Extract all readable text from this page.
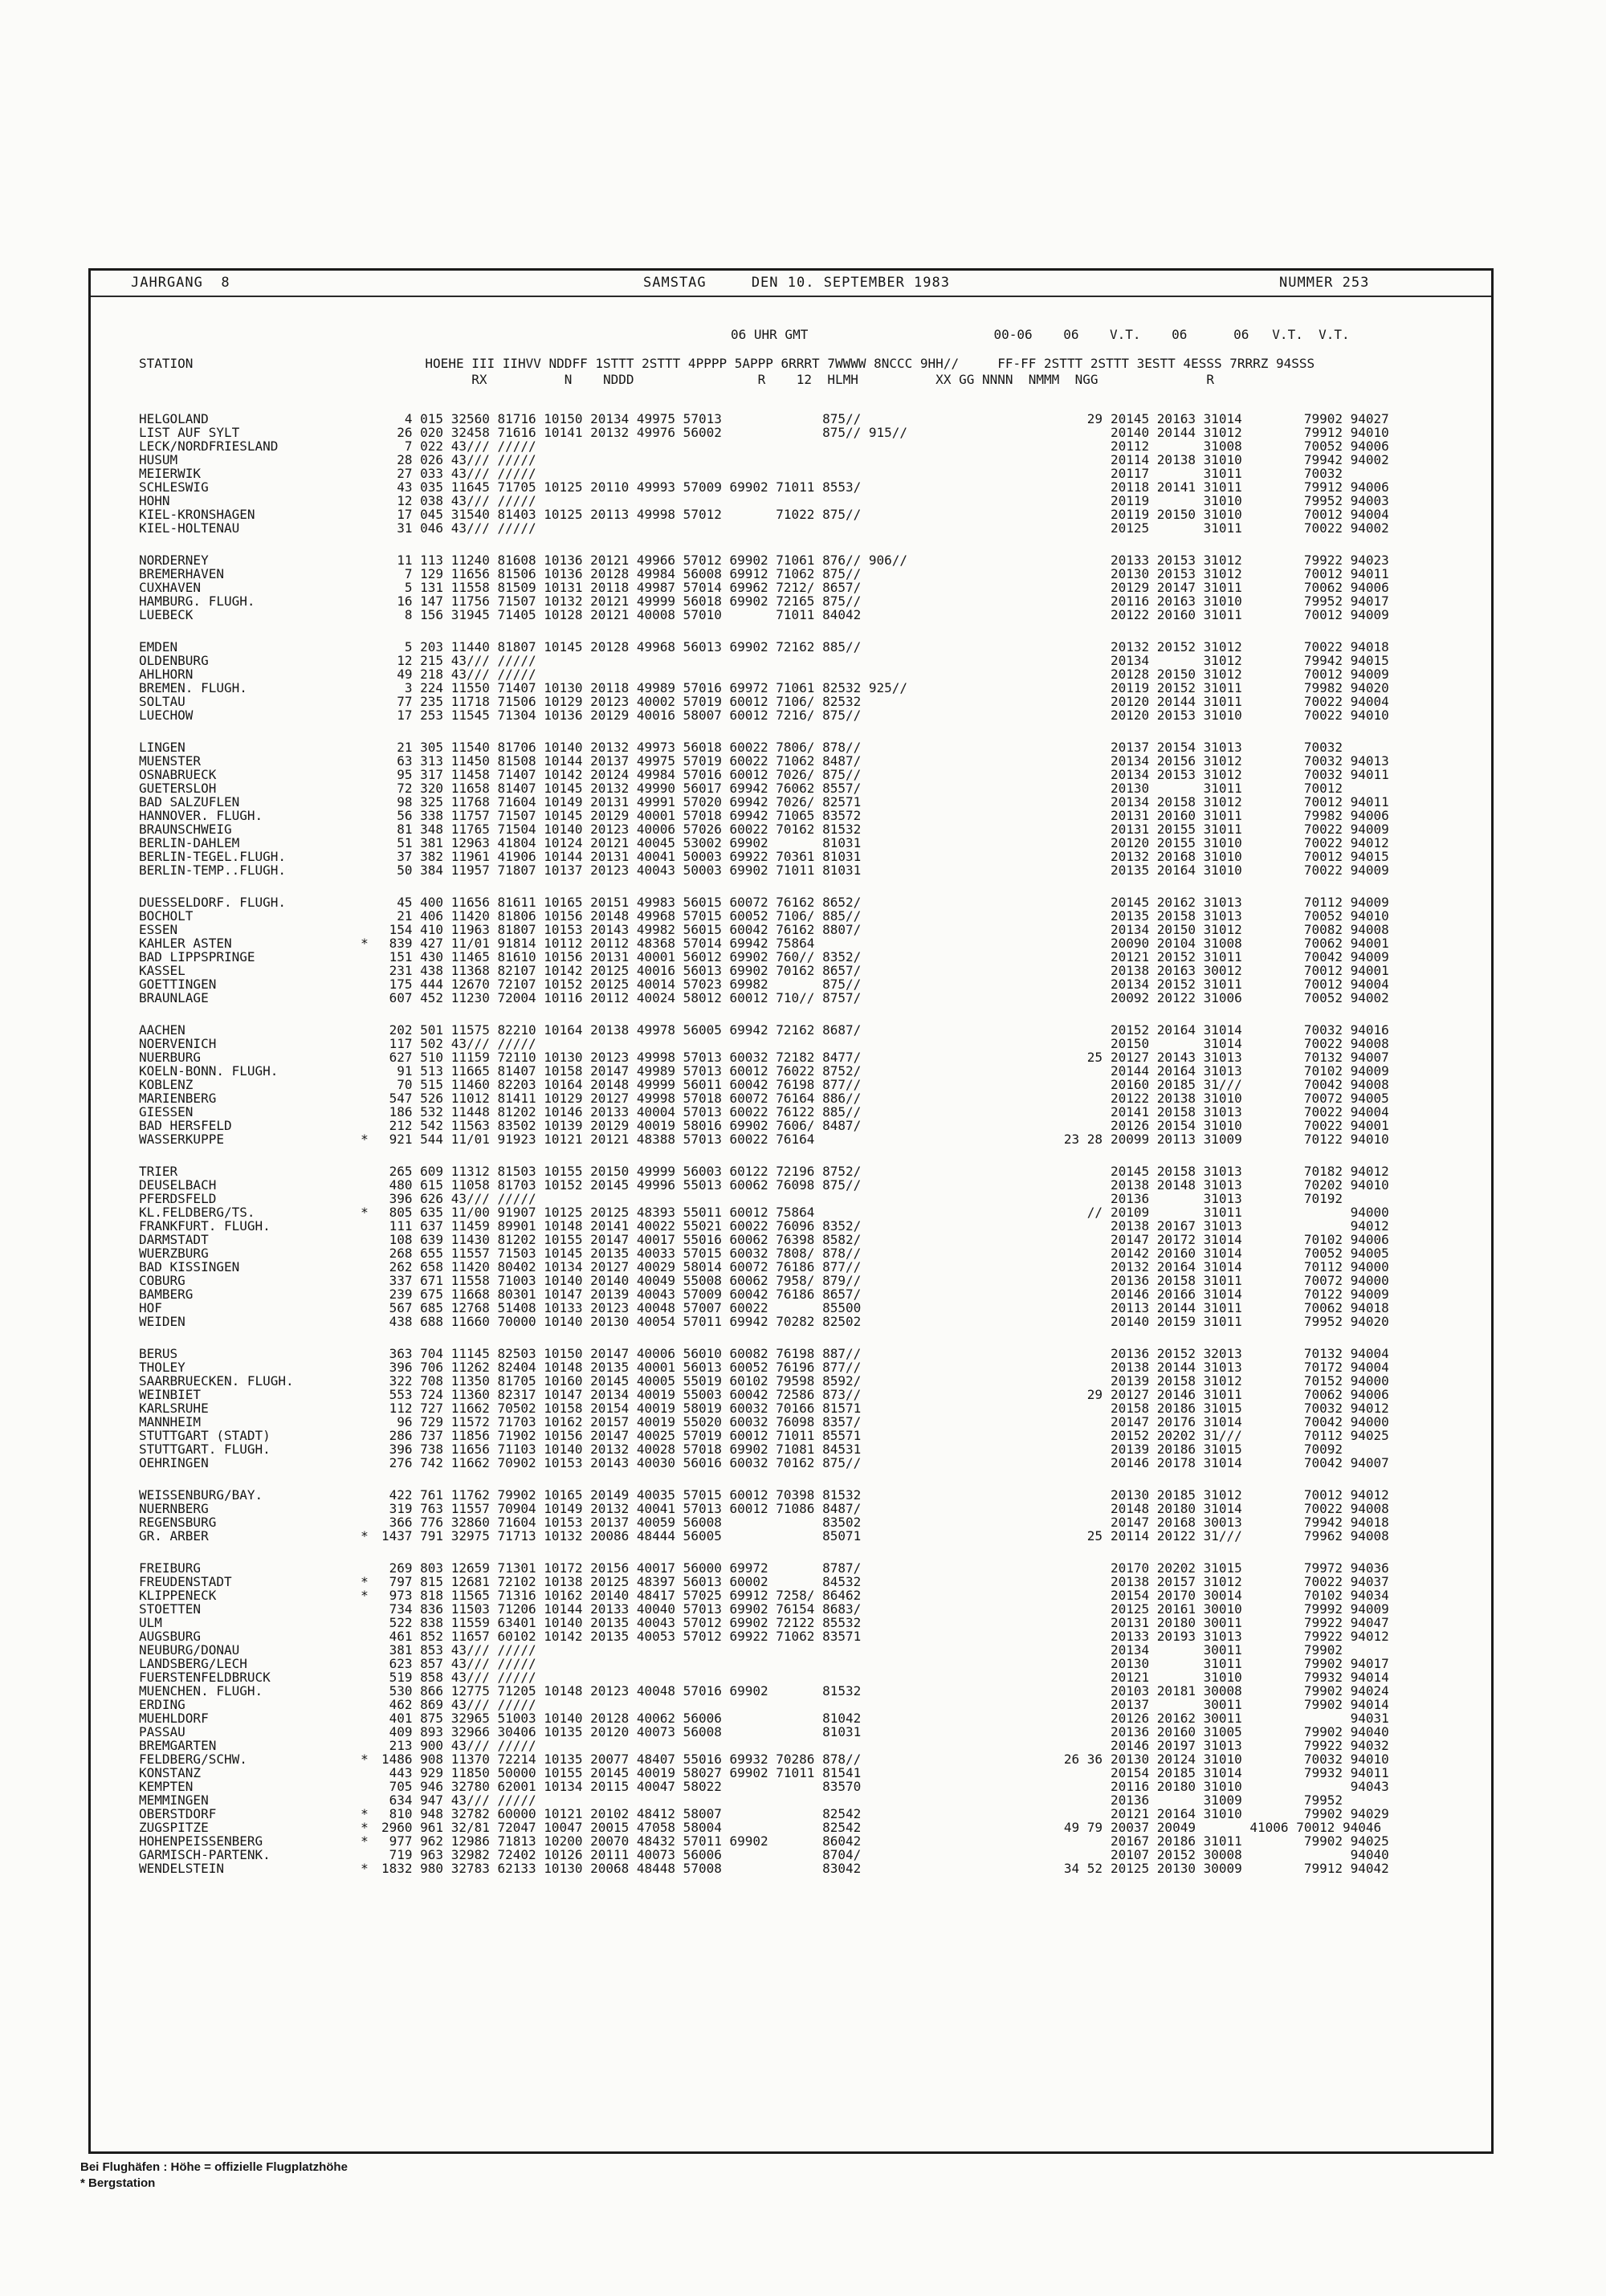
JAHRGANG  8

	SAMSTAG     DEN 10. SEPTEMBER 1983

	NUMMER 253

06 UHR GMT                        00-06    06    V.T.    06      06   V.T.  V.T.

STATION                              HOEHE III IIHVV NDDFF 1STTT 2STTT 4PPPP 5APPP 6RRRT 7WWWW 8NCCC 9HH//     FF-FF 2STTT 2STTT 3ESTT 4ESSS 7RRRZ 94SSS

RX          N    NDDD                R    12  HLMH          XX GG NNNN  NMMM  NGG              R

HELGOLAND	4 015 32560 81716 10150 20134 49975 57013             875//	29 20145 20163 31014        79902 94027
LIST AUF SYLT	26 020 32458 71616 10141 20132 49976 56002             875// 915//	20140 20144 31012        79912 94010
LECK/NORDFRIESLAND	7 022 43/// /////	20112       31008        70052 94006
HUSUM	28 026 43/// /////	20114 20138 31010        79942 94002
MEIERWIK	27 033 43/// /////	20117       31011        70032
SCHLESWIG	43 035 11645 71705 10125 20110 49993 57009 69902 71011 8553/	20118 20141 31011        79912 94006
HOHN	12 038 43/// /////	20119       31010        79952 94003
KIEL-KRONSHAGEN	17 045 31540 81403 10125 20113 49998 57012       71022 875//	20119 20150 31010        70012 94004
KIEL-HOLTENAU	31 046 43/// /////	20125       31011        70022 94002
NORDERNEY	11 113 11240 81608 10136 20121 49966 57012 69902 71061 876// 906//	20133 20153 31012        79922 94023
BREMERHAVEN	7 129 11656 81506 10136 20128 49984 56008 69912 71062 875//	20130 20153 31012        70012 94011
CUXHAVEN	5 131 11558 81509 10131 20118 49987 57014 69962 7212/ 8657/	20129 20147 31011        70062 94006
HAMBURG. FLUGH.	16 147 11756 71507 10132 20121 49999 56018 69902 72165 875//	20116 20163 31010        79952 94017
LUEBECK	8 156 31945 71405 10128 20121 40008 57010       71011 84042	20122 20160 31011        70012 94009
EMDEN	5 203 11440 81807 10145 20128 49968 56013 69902 72162 885//	20132 20152 31012        70022 94018
OLDENBURG	12 215 43/// /////	20134       31012        79942 94015
AHLHORN	49 218 43/// /////	20128 20150 31012        70012 94009
BREMEN. FLUGH.	3 224 11550 71407 10130 20118 49989 57016 69972 71061 82532 925//	20119 20152 31011        79982 94020
SOLTAU	77 235 11718 71506 10129 20123 40002 57019 60012 7106/ 82532	20120 20144 31011        70022 94004
LUECHOW	17 253 11545 71304 10136 20129 40016 58007 60012 7216/ 875//	20120 20153 31010        70022 94010
LINGEN	21 305 11540 81706 10140 20132 49973 56018 60022 7806/ 878//	20137 20154 31013        70032
MUENSTER	63 313 11450 81508 10144 20137 49975 57019 60022 71062 8487/	20134 20156 31012        70032 94013
OSNABRUECK	95 317 11458 71407 10142 20124 49984 57016 60012 7026/ 875//	20134 20153 31012        70032 94011
GUETERSLOH	72 320 11658 81407 10145 20132 49990 56017 69942 76062 8557/	20130       31011        70012
BAD SALZUFLEN	98 325 11768 71604 10149 20131 49991 57020 69942 7026/ 82571	20134 20158 31012        70012 94011
HANNOVER. FLUGH.	56 338 11757 71507 10145 20129 40001 57018 69942 71065 83572	20131 20160 31011        79982 94006
BRAUNSCHWEIG	81 348 11765 71504 10140 20123 40006 57026 60022 70162 81532	20131 20155 31011        70022 94009
BERLIN-DAHLEM	51 381 12963 41804 10124 20121 40045 53002 69902       81031	20120 20155 31010        70022 94012
BERLIN-TEGEL.FLUGH.	37 382 11961 41906 10144 20131 40041 50003 69922 70361 81031	20132 20168 31010        70012 94015
BERLIN-TEMP..FLUGH.	50 384 11957 71807 10137 20123 40043 50003 69902 71011 81031	20135 20164 31010        70022 94009
DUESSELDORF. FLUGH.	45 400 11656 81611 10165 20151 49983 56015 60072 76162 8652/	20145 20162 31013        70112 94009
BOCHOLT	21 406 11420 81806 10156 20148 49968 57015 60052 7106/ 885//	20135 20158 31013        70052 94010
ESSEN	154 410 11963 81807 10153 20143 49982 56015 60042 76162 8807/	20134 20150 31012        70082 94008
KAHLER ASTEN	* 839 427 11/01 91814 10112 20112 48368 57014 69942 75864	20090 20104 31008        70062 94001
BAD LIPPSPRINGE	151 430 11465 81610 10156 20131 40001 56012 69902 760// 8352/	20121 20152 31011        70042 94009
KASSEL	231 438 11368 82107 10142 20125 40016 56013 69902 70162 8657/	20138 20163 30012        70012 94001
GOETTINGEN	175 444 12670 72107 10152 20125 40014 57023 69982       875//	20134 20152 31011        70012 94004
BRAUNLAGE	607 452 11230 72004 10116 20112 40024 58012 60012 710// 8757/	20092 20122 31006        70052 94002
AACHEN	202 501 11575 82210 10164 20138 49978 56005 69942 72162 8687/	20152 20164 31014        70032 94016
NOERVENICH	117 502 43/// /////	20150       31014        70022 94008
NUERBURG	627 510 11159 72110 10130 20123 49998 57013 60032 72182 8477/	25 20127 20143 31013        70132 94007
KOELN-BONN. FLUGH.	91 513 11665 81407 10158 20147 49989 57013 60012 76022 8752/	20144 20164 31013        70102 94009
KOBLENZ	70 515 11460 82203 10164 20148 49999 56011 60042 76198 877//	20160 20185 31///        70042 94008
MARIENBERG	547 526 11012 81411 10129 20127 49998 57018 60072 76164 886//	20122 20138 31010        70072 94005
GIESSEN	186 532 11448 81202 10146 20133 40004 57013 60022 76122 885//	20141 20158 31013        70022 94004
BAD HERSFELD	212 542 11563 83502 10139 20129 40019 58016 69902 7606/ 8487/	20126 20154 31010        70022 94001
WASSERKUPPE	* 921 544 11/01 91923 10121 20121 48388 57013 60022 76164	23 28 20099 20113 31009        70122 94010
TRIER	265 609 11312 81503 10155 20150 49999 56003 60122 72196 8752/	20145 20158 31013        70182 94012
DEUSELBACH	480 615 11058 81703 10152 20145 49996 55013 60062 76098 875//	20138 20148 31013        70202 94010
PFERDSFELD	396 626 43/// /////	20136       31013        70192
KL.FELDBERG/TS.	* 805 635 11/00 91907 10125 20125 48393 55011 60012 75864	// 20109       31011              94000
FRANKFURT. FLUGH.	111 637 11459 89901 10148 20141 40022 55021 60022 76096 8352/	20138 20167 31013              94012
DARMSTADT	108 639 11430 81202 10155 20147 40017 55016 60062 76398 8582/	20147 20172 31014        70102 94006
WUERZBURG	268 655 11557 71503 10145 20135 40033 57015 60032 7808/ 878//	20142 20160 31014        70052 94005
BAD KISSINGEN	262 658 11420 80402 10134 20127 40029 58014 60072 76186 877//	20132 20164 31014        70112 94000
COBURG	337 671 11558 71003 10140 20140 40049 55008 60062 7958/ 879//	20136 20158 31011        70072 94000
BAMBERG	239 675 11668 80301 10147 20139 40043 57009 60042 76186 8657/	20146 20166 31014        70122 94009
HOF	567 685 12768 51408 10133 20123 40048 57007 60022       85500	20113 20144 31011        70062 94018
WEIDEN	438 688 11660 70000 10140 20130 40054 57011 69942 70282 82502	20140 20159 31011        79952 94020
BERUS	363 704 11145 82503 10150 20147 40006 56010 60082 76198 887//	20136 20152 32013        70132 94004
THOLEY	396 706 11262 82404 10148 20135 40001 56013 60052 76196 877//	20138 20144 31013        70172 94004
SAARBRUECKEN. FLUGH.	322 708 11350 81705 10160 20145 40005 55019 60102 79598 8592/	20139 20158 31012        70152 94000
WEINBIET	553 724 11360 82317 10147 20134 40019 55003 60042 72586 873//	29 20127 20146 31011        70062 94006
KARLSRUHE	112 727 11662 70502 10158 20154 40019 58019 60032 70166 81571	20158 20186 31015        70032 94012
MANNHEIM	96 729 11572 71703 10162 20157 40019 55020 60032 76098 8357/	20147 20176 31014        70042 94000
STUTTGART (STADT)	286 737 11856 71902 10156 20147 40025 57019 60012 71011 85571	20152 20202 31///        70112 94025
STUTTGART. FLUGH.	396 738 11656 71103 10140 20132 40028 57018 69902 71081 84531	20139 20186 31015        70092
OEHRINGEN	276 742 11662 70902 10153 20143 40030 56016 60032 70162 875//	20146 20178 31014        70042 94007
WEISSENBURG/BAY.	422 761 11762 79902 10165 20149 40035 57015 60012 70398 81532	20130 20185 31012        70012 94012
NUERNBERG	319 763 11557 70904 10149 20132 40041 57013 60012 71086 8487/	20148 20180 31014        70022 94008
REGENSBURG	366 776 32860 71604 10153 20137 40059 56008             83502	20147 20168 30013        79942 94018
GR. ARBER	* 1437 791 32975 71713 10132 20086 48444 56005             85071	25 20114 20122 31///        79962 94008
FREIBURG	269 803 12659 71301 10172 20156 40017 56000 69972       8787/	20170 20202 31015        79972 94036
FREUDENSTADT	* 797 815 12681 72102 10138 20125 48397 56013 60002       84532	20138 20157 31012        70022 94037
KLIPPENECK	* 973 818 11565 71316 10162 20140 48417 57025 69912 7258/ 86462	20154 20170 30014        70102 94034
STOETTEN	734 836 11503 71206 10144 20133 40040 57013 69902 76154 8683/	20125 20161 30010        79992 94009
ULM	522 838 11559 63401 10140 20135 40043 57012 69902 72122 85532	20131 20180 30011        79922 94047
AUGSBURG	461 852 11657 60102 10142 20135 40053 57012 69922 71062 83571	20133 20193 31013        79922 94012
NEUBURG/DONAU	381 853 43/// /////	20134       30011        79902
LANDSBERG/LECH	623 857 43/// /////	20130       31011        79902 94017
FUERSTENFELDBRUCK	519 858 43/// /////	20121       31010        79932 94014
MUENCHEN. FLUGH.	530 866 12775 71205 10148 20123 40048 57016 69902       81532	20103 20181 30008        79902 94024
ERDING	462 869 43/// /////	20137       30011        79902 94014
MUEHLDORF	401 875 32965 51003 10140 20128 40062 56006             81042	20126 20162 30011              94031
PASSAU	409 893 32966 30406 10135 20120 40073 56008             81031	20136 20160 31005        79902 94040
BREMGARTEN	213 900 43/// /////	20146 20197 31013        79922 94032
FELDBERG/SCHW.	* 1486 908 11370 72214 10135 20077 48407 55016 69932 70286 878//	26 36 20130 20124 31010        70032 94010
KONSTANZ	443 929 11850 50000 10155 20145 40019 58027 69902 71011 81541	20154 20185 31014        79932 94011
KEMPTEN	705 946 32780 62001 10134 20115 40047 58022             83570	20116 20180 31010              94043
MEMMINGEN	634 947 43/// /////	20136       31009        79952
OBERSTDORF	* 810 948 32782 60000 10121 20102 48412 58007             82542	20121 20164 31010        79902 94029
ZUGSPITZE	* 2960 961 32/81 72047 10047 20015 47058 58004             82542	49 79 20037 20049       41006 70012 94046
HOHENPEISSENBERG	* 977 962 12986 71813 10200 20070 48432 57011 69902       86042	20167 20186 31011        79902 94025
GARMISCH-PARTENK.	719 963 32982 72402 10126 20111 40073 56006             8704/	20107 20152 30008              94040
WENDELSTEIN	* 1832 980 32783 62133 10130 20068 48448 57008             83042	34 52 20125 20130 30009        79912 94042
Bei Flughäfen : Höhe = offizielle Flugplatzhöhe
* Bergstation
